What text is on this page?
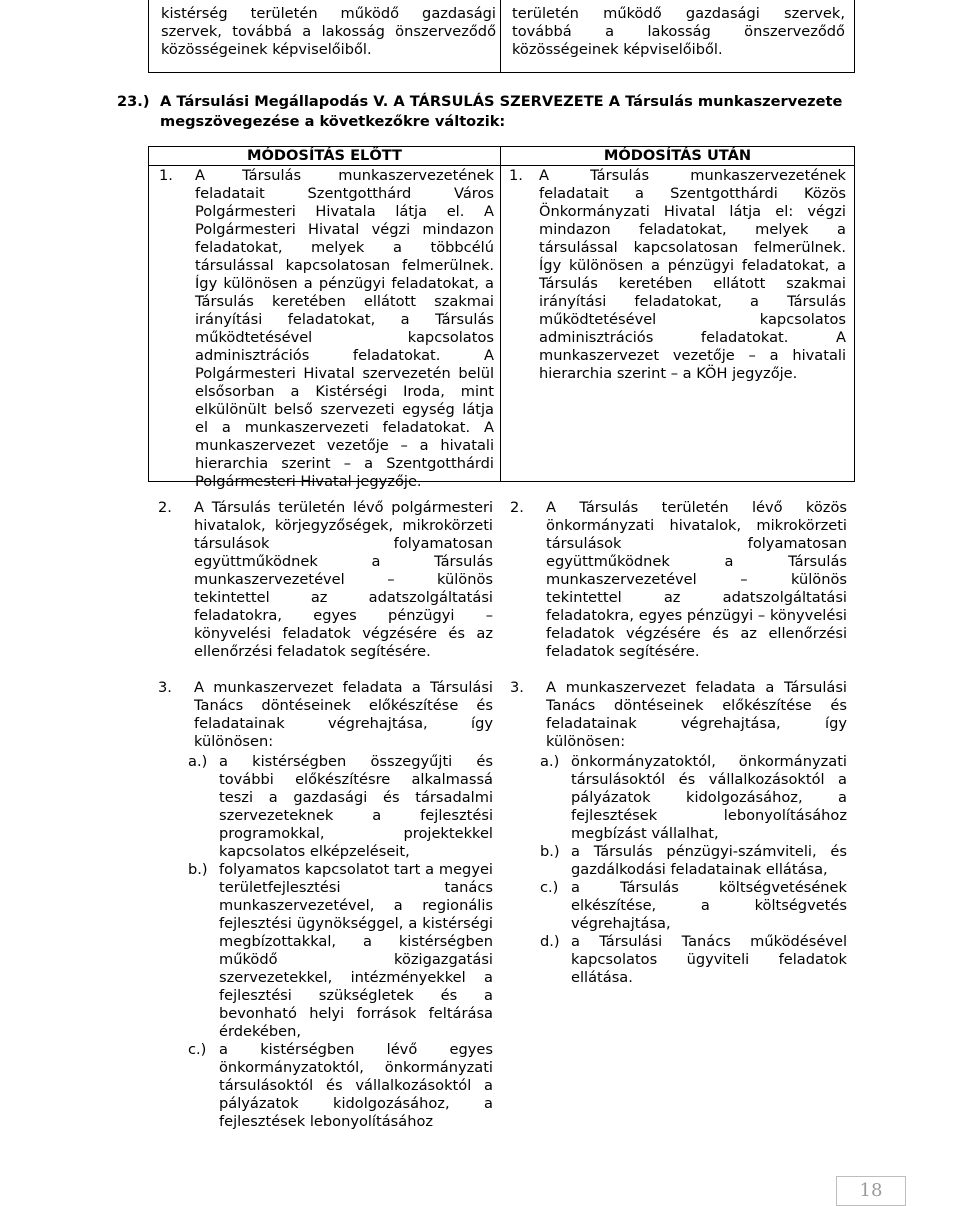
kistérség területén működő gazdasági szervek, továbbá a lakosság önszerveződő közösségeinek képviselőiből.
területén működő gazdasági szervek, továbbá a lakosság önszerveződő közösségeinek képviselőiből.
23.) A Társulási Megállapodás V. A TÁRSULÁS SZERVEZETE A Társulás munkaszervezete
megszövegezése a következőkre változik:
MÓDOSÍTÁS ELŐTT	MÓDOSÍTÁS UTÁN
1. A Társulás munkaszervezetének feladatait Szentgotthárd Város Polgármesteri Hivatala látja el. A Polgármesteri Hivatal végzi mindazon feladatokat, melyek a többcélú társulással kapcsolatosan felmerülnek. Így különösen a pénzügyi feladatokat, a Társulás keretében ellátott szakmai irányítási feladatokat, a Társulás működtetésével kapcsolatos adminisztrációs feladatokat. A Polgármesteri Hivatal szervezetén belül elsősorban a Kistérségi Iroda, mint elkülönült belső szervezeti egység látja el a munkaszervezeti feladatokat. A munkaszervezet vezetője – a hivatali hierarchia szerint – a Szentgotthárdi Polgármesteri Hivatal jegyzője.
1. A Társulás munkaszervezetének feladatait a Szentgotthárdi Közös Önkormányzati Hivatal látja el: végzi mindazon feladatokat, melyek a társulással kapcsolatosan felmerülnek. Így különösen a pénzügyi feladatokat, a Társulás keretében ellátott szakmai irányítási feladatokat, a Társulás működtetésével kapcsolatos adminisztrációs feladatokat. A munkaszervezet vezetője – a hivatali hierarchia szerint – a KÖH jegyzője.
2. A Társulás területén lévő polgármesteri hivatalok, körjegyzőségek, mikrokörzeti társulások folyamatosan együttműködnek a Társulás munkaszervezetével – különös tekintettel az adatszolgáltatási feladatokra, egyes pénzügyi – könyvelési feladatok végzésére és az ellenőrzési feladatok segítésére.
2. A Társulás területén lévő közös önkormányzati hivatalok, mikrokörzeti társulások folyamatosan együttműködnek a Társulás munkaszervezetével – különös tekintettel az adatszolgáltatási feladatokra, egyes pénzügyi – könyvelési feladatok végzésére és az ellenőrzési feladatok segítésére.
3. A munkaszervezet feladata a Társulási Tanács döntéseinek előkészítése és feladatainak végrehajtása, így különösen:
a.) a kistérségben összegyűjti és további előkészítésre alkalmassá teszi a gazdasági és társadalmi szervezeteknek a fejlesztési programokkal, projektekkel kapcsolatos elképzeléseit,
b.) folyamatos kapcsolatot tart a megyei területfejlesztési tanács munkaszervezetével, a regionális fejlesztési ügynökséggel, a kistérségi megbízottakkal, a kistérségben működő közigazgatási szervezetekkel, intézményekkel a fejlesztési szükségletek és a bevonható helyi források feltárása érdekében,
c.) a kistérségben lévő egyes önkormányzatoktól, önkormányzati társulásoktól és vállalkozásoktól a pályázatok kidolgozásához, a fejlesztések lebonyolításához
3. A munkaszervezet feladata a Társulási Tanács döntéseinek előkészítése és feladatainak végrehajtása, így különösen:
a.) önkormányzatoktól, önkormányzati társulásoktól és vállalkozásoktól a pályázatok kidolgozásához, a fejlesztések lebonyolításához megbízást vállalhat,
b.) a Társulás pénzügyi-számviteli, és gazdálkodási feladatainak ellátása,
c.) a Társulás költségvetésének elkészítése, a költségvetés végrehajtása,
d.) a Társulási Tanács működésével kapcsolatos ügyviteli feladatok ellátása.
18
